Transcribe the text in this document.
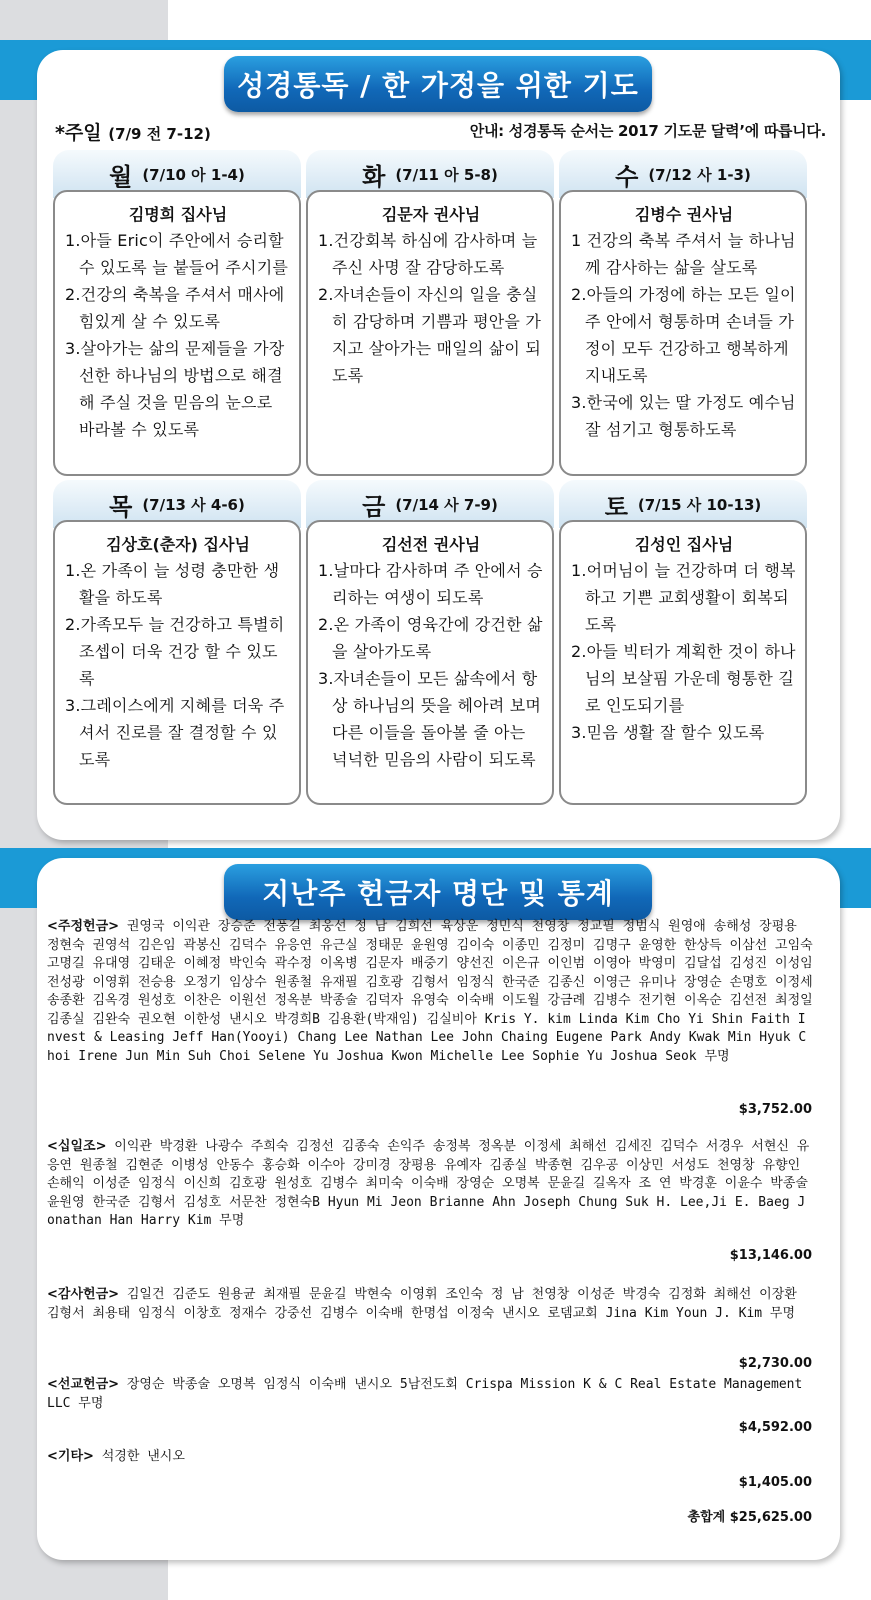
성경통독 / 한 가정을 위한 기도
*주일 (7/9 전 7-12)	안내: 성경통독 순서는 2017 기도문 달력’에 따릅니다.
월 (7/10 아 1-4)
김명희 집사님
1.아들 Eric이 주안에서 승리할 수 있도록 늘 붙들어 주시기를
2.건강의 축복을 주셔서 매사에 힘있게 살 수 있도록
3.살아가는 삶의 문제들을 가장 선한 하나님의 방법으로 해결 해 주실 것을 믿음의 눈으로 바라볼 수 있도록
화 (7/11 아 5-8)
김문자 권사님
1.건강회복 하심에 감사하며 늘 주신 사명 잘 감당하도록
2.자녀손들이 자신의 일을 충실히 감당하며 기쁨과 평안을 가지고 살아가는 매일의 삶이 되도록
수 (7/12 사 1-3)
김병수 권사님
1 건강의 축복 주셔서 늘 하나님께 감사하는 삶을 살도록
2.아들의 가정에 하는 모든 일이 주 안에서 형통하며 손녀들 가정이 모두 건강하고 행복하게 지내도록
3.한국에 있는 딸 가정도 예수님 잘 섬기고 형통하도록
목 (7/13 사 4-6)
김상호(춘자) 집사님
1.온 가족이 늘 성령 충만한 생활을 하도록
2.가족모두 늘 건강하고 특별히 조셉이 더욱 건강 할 수 있도록
3.그레이스에게 지혜를 더욱 주셔서 진로를 잘 결정할 수 있도록
금 (7/14 사 7-9)
김선전 권사님
1.날마다 감사하며 주 안에서 승리하는 여생이 되도록
2.온 가족이 영육간에 강건한 삶을 살아가도록
3.자녀손들이 모든 삶속에서 항상 하나님의 뜻을 헤아려 보며 다른 이들을 돌아볼 줄 아는 넉넉한 믿음의 사람이 되도록
토 (7/15 사 10-13)
김성인 집사님
1.어머님이 늘 건강하며 더 행복하고 기쁜 교회생활이 회복되도록
2.아들 빅터가 계획한 것이 하나님의 보살핌 가운데 형통한 길로 인도되기를
3.믿음 생활 잘 할수 있도록
지난주 헌금자 명단 및 통계
<주정헌금> 권영국 이익관 장승준 전풍길 최웅선 정 남 김희선 육상운 정민식 천영창 정교필 정범식 원영애 송해성 장평용 정현숙 권영석 김은임 곽봉신 김덕수 유응연 유근실 정태문 윤원영 김이숙 이종민 김정미 김명구 윤영한 한상득 이삼선 고임숙 고명길 유대영 김태운 이혜정 박인숙 곽수정 이옥병 김문자 배중기 양선진 이은규 이인범 이영아 박영미 김달섭 김성진 이성임 전성광 이영휘 전승용 오정기 임상수 원종철 유재필 김호광 김형서 임정식 한국준 김종신 이영근 유미나 장영순 손명호 이정세 송종환 김옥경 원성호 이찬은 이원선 정옥분 박종술 김덕자 유영숙 이숙배 이도월 강금례 김병수 전기현 이옥순 김선전 최정일 김종실 김완숙 권오현 이한성 낸시오 박경희B 김용환(박재임) 김실비아 Kris Y. kim Linda Kim Cho Yi Shin Faith Invest & Leasing Jeff Han(Yooyi) Chang Lee Nathan Lee John Chaing Eugene Park Andy Kwak Min Hyuk Choi Irene Jun Min Suh Choi Selene Yu Joshua Kwon Michelle Lee Sophie Yu Joshua Seok 무명
$3,752.00
<십일조> 이익관 박경환 나광수 주희숙 김정선 김종숙 손익주 송정복 정옥분 이정세 최해선 김세진 김덕수 서경우 서현신 유응연 원종철 김현준 이병성 안동수 홍승화 이수아 강미경 장평용 유예자 김종실 박종현 김우공 이상민 서성도 천영창 유향인 손해익 이성준 임정식 이신희 김호광 원성호 김병수 최미숙 이숙배 장영순 오명복 문윤길 길옥자 조 연 박경훈 이윤수 박종술 윤원영 한국준 김형서 김성호 서문찬 정현숙B Hyun Mi Jeon Brianne Ahn Joseph Chung Suk H. Lee,Ji E. Baeg Jonathan Han Harry Kim 무명
$13,146.00
<감사헌금> 김일건 김준도 원용균 최재필 문윤길 박현숙 이영휘 조인숙 정 남 천영창 이성준 박경숙 김정화 최해선 이장환 김형서 최용태 임정식 이창호 정재수 강중선 김병수 이숙배 한명섭 이정숙 낸시오 로뎀교회 Jina Kim Youn J. Kim 무명
$2,730.00
<선교헌금> 장영순 박종술 오명복 임정식 이숙배 낸시오 5남전도회 Crispa Mission K & C Real Estate Management LLC 무명
$4,592.00
<기타> 석경한 낸시오
$1,405.00
총합계 $25,625.00
